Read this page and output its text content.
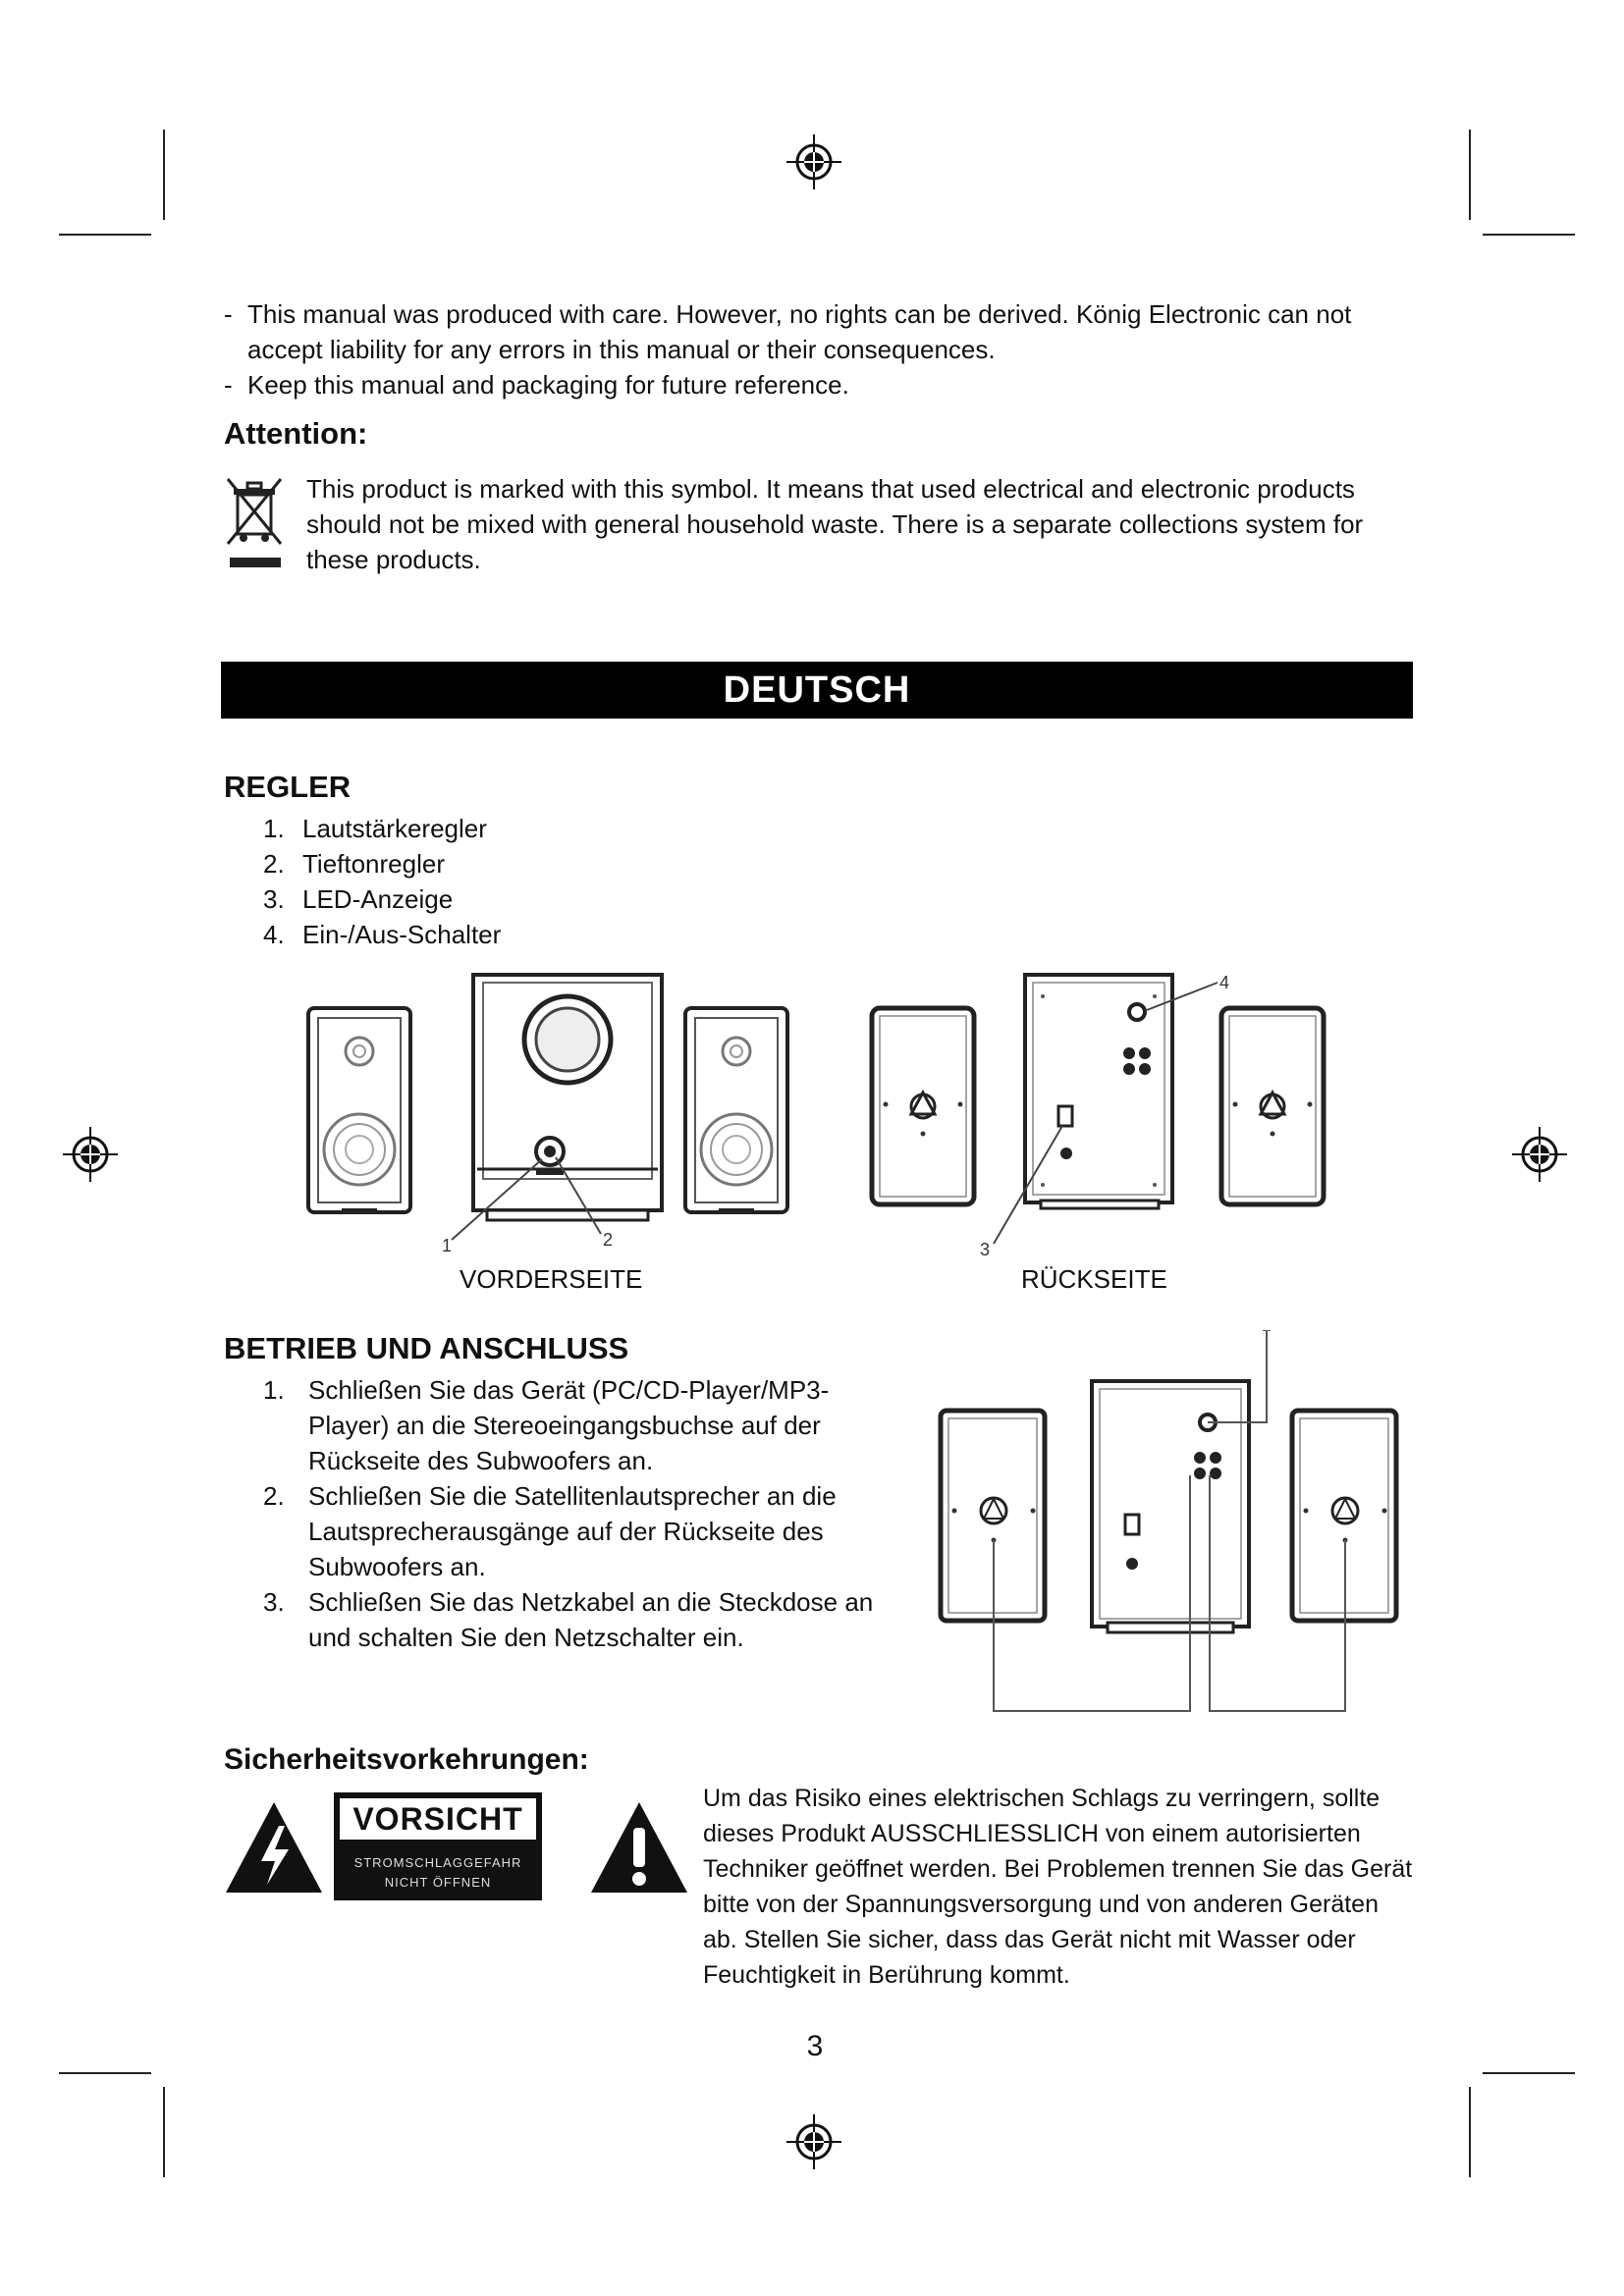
- This manual was produced with care. However, no rights can be derived. König Electronic can not accept liability for any errors in this manual or their consequences.

- Keep this manual and packaging for future reference.

Attention:

This product is marked with this symbol. It means that used electrical and electronic products should not be mixed with general household waste. There is a separate collections system for these products.

DEUTSCH
REGLER
1. Lautstärkeregler
2. Tieftonregler
3. LED-Anzeige
4. Ein-/Aus-Schalter
1	2
4
3
VORDERSEITE	RÜCKSEITE
BETRIEB UND ANSCHLUSS
1. Schließen Sie das Gerät (PC/CD-Player/MP3-Player) an die Stereoeingangsbuchse auf der Rückseite des Subwoofers an.
2. Schließen Sie die Satellitenlautsprecher an die Lautsprecherausgänge auf der Rückseite des Subwoofers an.
3. Schließen Sie das Netzkabel an die Steckdose an und schalten Sie den Netzschalter ein.
Sicherheitsvorkehrungen:
VORSICHT
STROMSCHLAGGEFAHR
NICHT ÖFFNEN

Um das Risiko eines elektrischen Schlags zu verringern, sollte dieses Produkt AUSSCHLIESSLICH von einem autorisierten Techniker geöffnet werden. Bei Problemen trennen Sie das Gerät bitte von der Spannungsversorgung und von anderen Geräten ab. Stellen Sie sicher, dass das Gerät nicht mit Wasser oder Feuchtigkeit in Berührung kommt.

3
